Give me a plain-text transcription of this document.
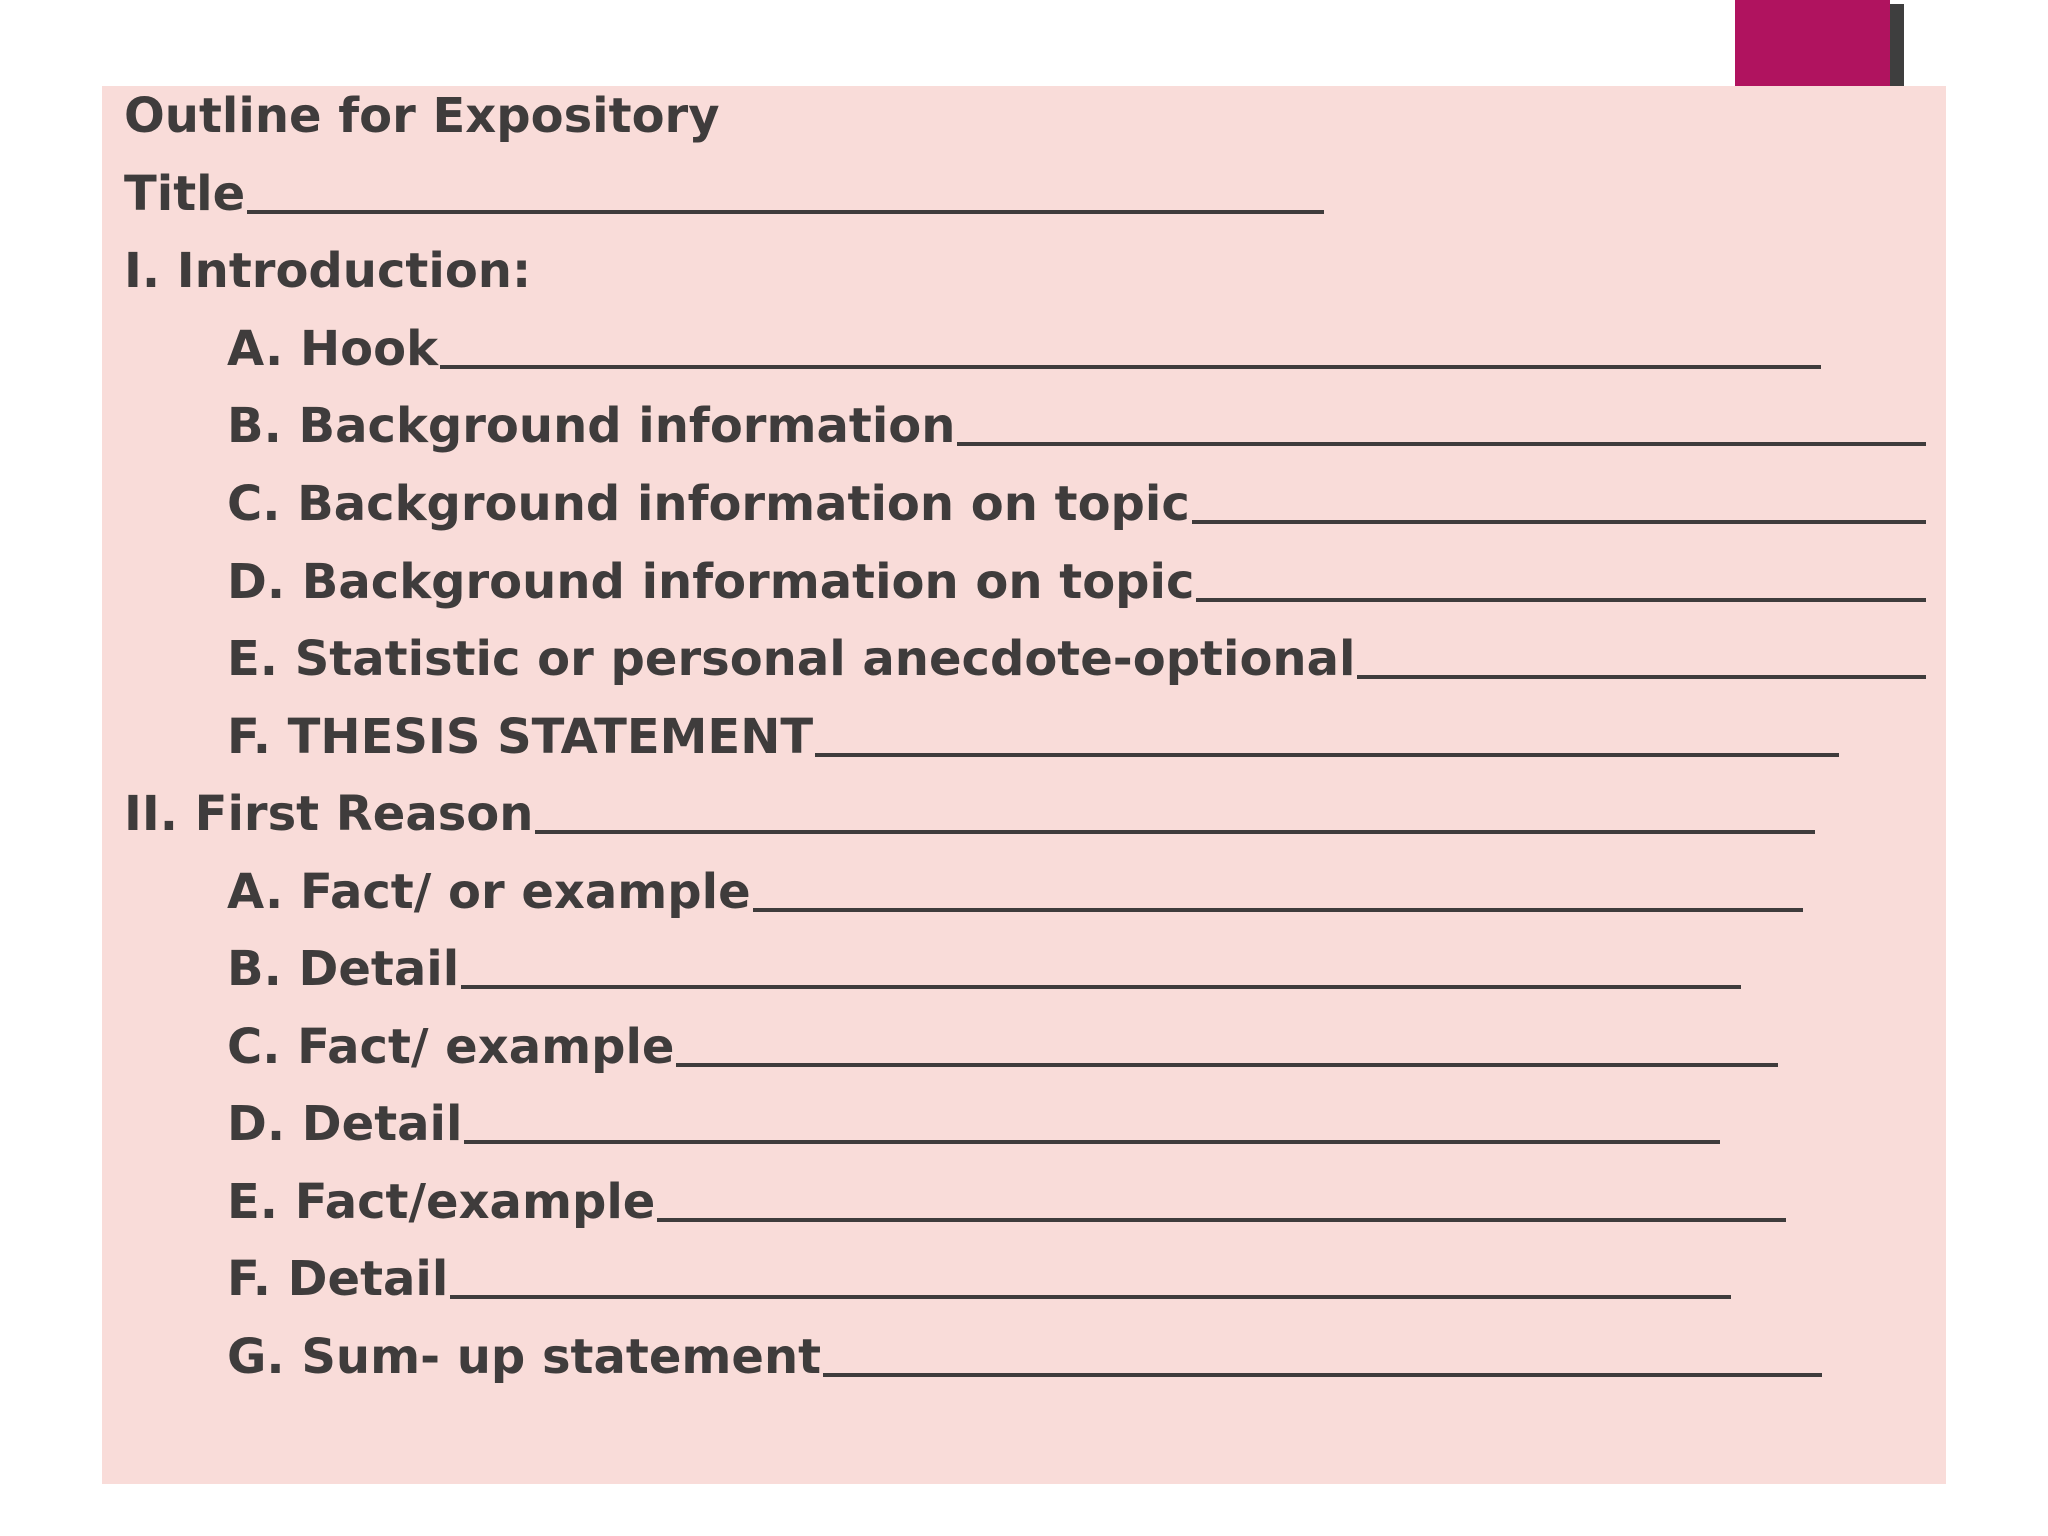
Outline for Expository
Title
I. Introduction:
A. Hook
B. Background information
C. Background information on topic
D. Background information on topic
E. Statistic or personal anecdote-optional
F. THESIS STATEMENT
II. First Reason
A. Fact/ or example
B. Detail
C. Fact/ example
D. Detail
E. Fact/example
F. Detail
G. Sum- up statement
